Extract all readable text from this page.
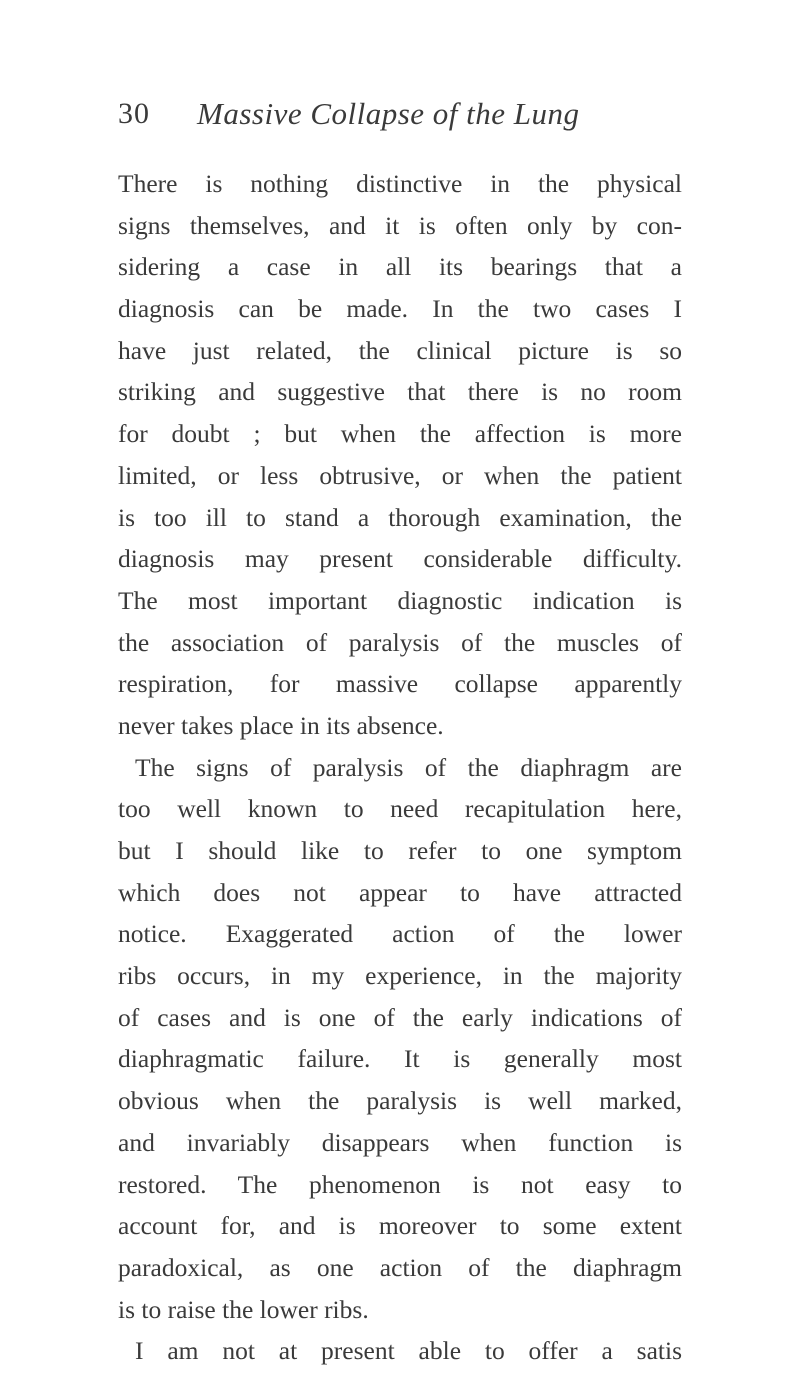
30 Massive Collapse of the Lung
There is nothing distinctive in the physical
signs themselves, and it is often only by con-
sidering a case in all its bearings that a
diagnosis can be made. In the two cases I
have just related, the clinical picture is so
striking and suggestive that there is no room
for doubt ; but when the affection is more
limited, or less obtrusive, or when the patient
is too ill to stand a thorough examination, the
diagnosis may present considerable difficulty.
The most important diagnostic indication is
the association of paralysis of the muscles of
respiration, for massive collapse apparently
never takes place in its absence.
The signs of paralysis of the diaphragm are
too well known to need recapitulation here,
but I should like to refer to one symptom
which does not appear to have attracted
notice. Exaggerated action of the lower
ribs occurs, in my experience, in the majority
of cases and is one of the early indications of
diaphragmatic failure. It is generally most
obvious when the paralysis is well marked,
and invariably disappears when function is
restored. The phenomenon is not easy to
account for, and is moreover to some extent
paradoxical, as one action of the diaphragm
is to raise the lower ribs.
I am not at present able to offer a satis
